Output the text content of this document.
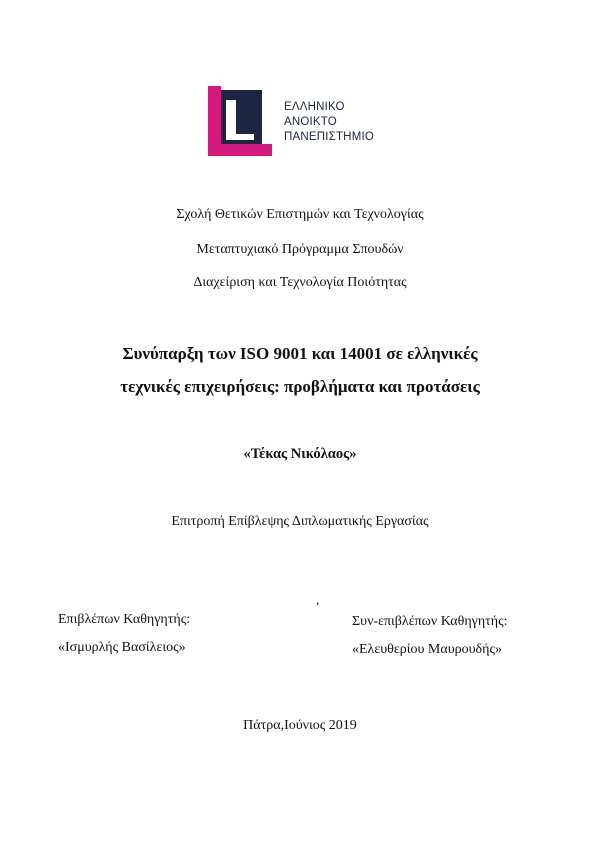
ΕΛΛΗΝΙΚΟ
ΑΝΟΙΚΤΟ
ΠΑΝΕΠΙΣΤΗΜΙΟ
Σχολή Θετικών Επιστημών και Τεχνολογίας
Μεταπτυχιακό Πρόγραμμα Σπουδών
Διαχείριση και Τεχνολογία Ποιότητας
Συνύπαρξη των ISO 9001 και 14001 σε ελληνικές
τεχνικές επιχειρήσεις: προβλήματα και προτάσεις
«Τέκας Νικόλαος»
Επιτροπή Επίβλεψης Διπλωματικής Εργασίας
,
Επιβλέπων Καθηγητής:
«Ισμυρλής Βασίλειος»
Συν-επιβλέπων Καθηγητής:
«Ελευθερίου Μαυρουδής»
Πάτρα,Ιούνιος 2019
